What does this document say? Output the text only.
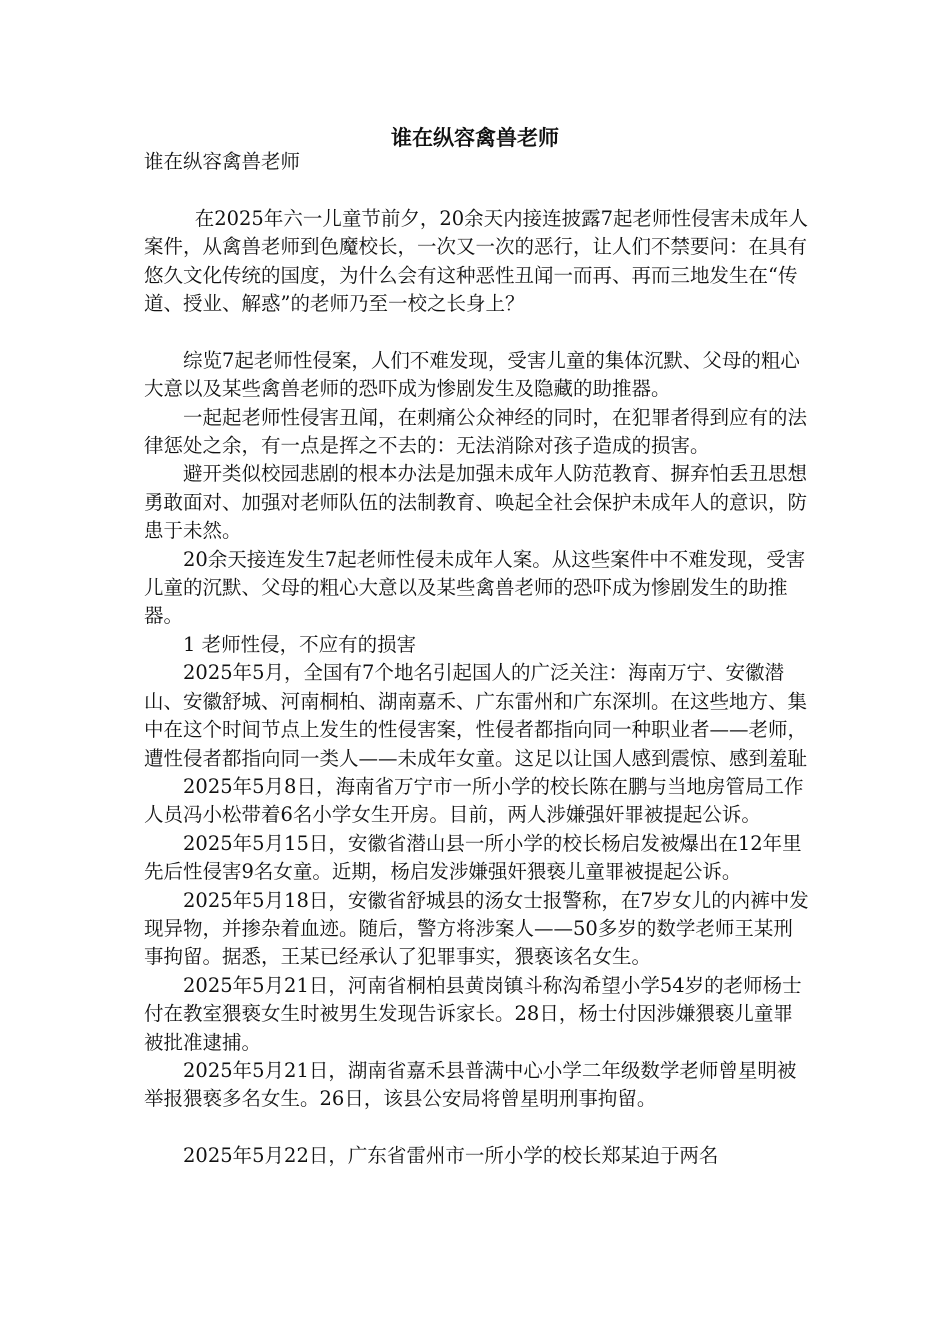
谁在纵容禽兽老师

谁在纵容禽兽老师

在2025年六一儿童节前夕，20余天内接连披露7起老师性侵害未成年人案件，从禽兽老师到色魔校长，一次又一次的恶行，让人们不禁要问：在具有悠久文化传统的国度，为什么会有这种恶性丑闻一而再、再而三地发生在“传道、授业、解惑”的老师乃至一校之长身上？

综览7起老师性侵案，人们不难发现，受害儿童的集体沉默、父母的粗心大意以及某些禽兽老师的恐吓成为惨剧发生及隐藏的助推器。

一起起老师性侵害丑闻，在刺痛公众神经的同时，在犯罪者得到应有的法律惩处之余，有一点是挥之不去的：无法消除对孩子造成的损害。

避开类似校园悲剧的根本办法是加强未成年人防范教育、摒弃怕丢丑思想勇敢面对、加强对老师队伍的法制教育、唤起全社会保护未成年人的意识，防患于未然。

20余天接连发生7起老师性侵未成年人案。从这些案件中不难发现，受害儿童的沉默、父母的粗心大意以及某些禽兽老师的恐吓成为惨剧发生的助推器。

1 老师性侵，不应有的损害

2025年5月，全国有7个地名引起国人的广泛关注：海南万宁、安徽潜山、安徽舒城、河南桐柏、湖南嘉禾、广东雷州和广东深圳。在这些地方、集中在这个时间节点上发生的性侵害案，性侵者都指向同一种职业者——老师，遭性侵者都指向同一类人——未成年女童。这足以让国人感到震惊、感到羞耻

2025年5月8日，海南省万宁市一所小学的校长陈在鹏与当地房管局工作人员冯小松带着6名小学女生开房。目前，两人涉嫌强奸罪被提起公诉。

2025年5月15日，安徽省潜山县一所小学的校长杨启发被爆出在12年里先后性侵害9名女童。近期，杨启发涉嫌强奸猥亵儿童罪被提起公诉。

2025年5月18日，安徽省舒城县的汤女士报警称，在7岁女儿的内裤中发现异物，并掺杂着血迹。随后，警方将涉案人——50多岁的数学老师王某刑事拘留。据悉，王某已经承认了犯罪事实，猥亵该名女生。

2025年5月21日，河南省桐柏县黄岗镇斗称沟希望小学54岁的老师杨士付在教室猥亵女生时被男生发现告诉家长。28日，杨士付因涉嫌猥亵儿童罪被批准逮捕。

2025年5月21日，湖南省嘉禾县普满中心小学二年级数学老师曾星明被举报猥亵多名女生。26日，该县公安局将曾星明刑事拘留。

2025年5月22日，广东省雷州市一所小学的校长郑某迫于两名
